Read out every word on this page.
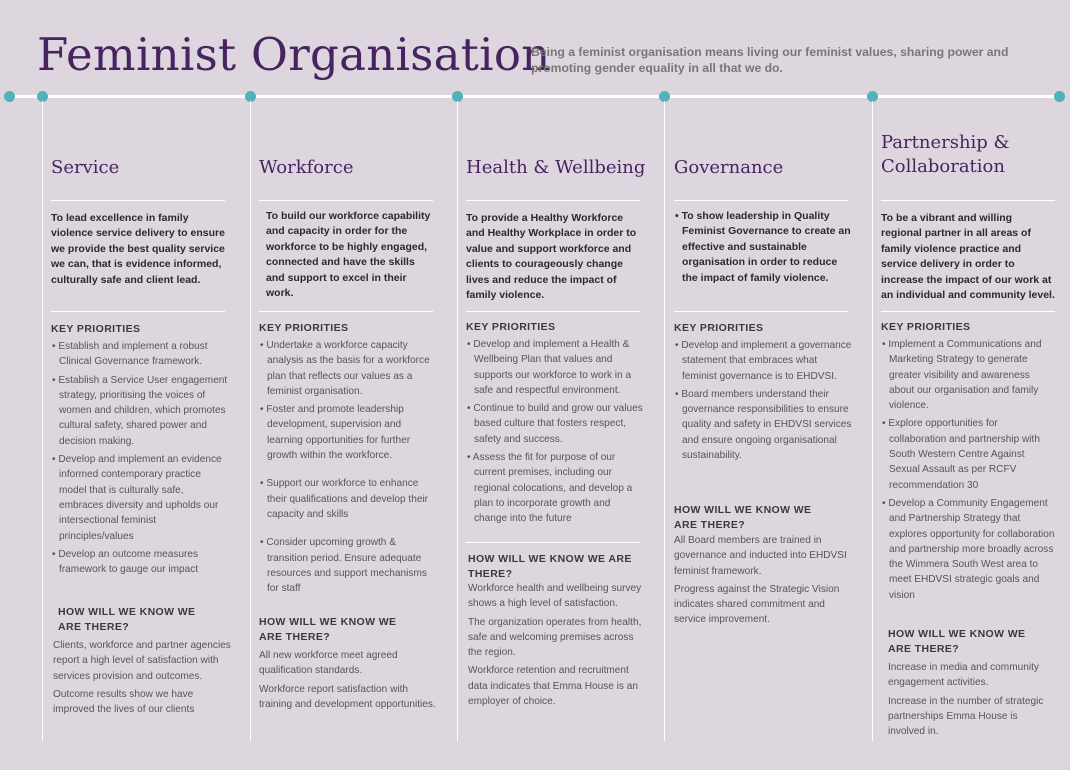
Feminist Organisation
Being a feminist organisation means living our feminist values, sharing power and promoting gender equality in all that we do.
Service
To lead excellence in family violence service delivery to ensure we provide the best quality service we can, that is evidence informed, culturally safe and client lead.
KEY PRIORITIES

• Establish and implement a robust Clinical Governance framework.

• Establish a Service User engagement strategy, prioritising the voices of women and children, which promotes cultural safety, shared power and decision making.

• Develop and implement an evidence informed contemporary practice model that is culturally safe, embraces diversity and upholds our intersectional feminist principles/values

• Develop an outcome measures framework to gauge our impact

HOW WILL WE KNOW WE ARE THERE?

Clients, workforce and partner agencies report a high level of satisfaction with services provision and outcomes.

Outcome results show we have improved the lives of our clients

Workforce
To build our workforce capability and capacity in order for the workforce to be highly engaged, connected and have the skills and support to excel in their work.
KEY PRIORITIES

• Undertake a workforce capacity analysis as the basis for a workforce plan that reflects our values as a feminist organisation.

• Foster and promote leadership development, supervision and learning opportunities for further growth within the workforce.

• Support our workforce to enhance their qualifications and develop their capacity and skills

• Consider upcoming growth & transition period. Ensure adequate resources and support mechanisms for staff

HOW WILL WE KNOW WE ARE THERE?

All new workforce meet agreed qualification standards.

Workforce report satisfaction with training and development opportunities.

Health & Wellbeing
To provide a Healthy Workforce and Healthy Workplace in order to value and support workforce and clients to courageously change lives and reduce the impact of family violence.
KEY PRIORITIES

• Develop and implement a Health & Wellbeing Plan that values and supports our workforce to work in a safe and respectful environment.

• Continue to build and grow our values based culture that fosters respect, safety and success.

• Assess the fit for purpose of our current premises, including our regional colocations, and develop a plan to incorporate growth and change into the future

HOW WILL WE KNOW WE ARE THERE?

Workforce health and wellbeing survey shows a high level of satisfaction.

The organization operates from health, safe and welcoming premises across the region.

Workforce retention and recruitment data indicates that Emma House is an employer of choice.

Governance
• To show leadership in Quality Feminist Governance to create an effective and sustainable organisation in order to reduce the impact of family violence.
KEY PRIORITIES

• Develop and implement a governance statement that embraces what feminist governance is to EHDVSI.

• Board members understand their governance responsibilities to ensure quality and safety in EHDVSI services and ensure ongoing organisational sustainability.

HOW WILL WE KNOW WE ARE THERE?

All Board members are trained in governance and inducted into EHDVSI feminist framework.

Progress against the Strategic Vision indicates shared commitment and service improvement.

Partnership &
Collaboration
To be a vibrant and willing regional partner in all areas of family violence practice and service delivery in order to increase the impact of our work at an individual and community level.
KEY PRIORITIES

• Implement a Communications and Marketing Strategy to generate greater visibility and awareness about our organisation and family violence.

• Explore opportunities for collaboration and partnership with South Western Centre Against Sexual Assault as per RCFV recommendation 30

• Develop a Community Engagement and Partnership Strategy that explores opportunity for collaboration and partnership more broadly across the Wimmera South West area to meet EHDVSI strategic goals and vision

HOW WILL WE KNOW WE ARE THERE?

Increase in media and community engagement activities.

Increase in the number of strategic partnerships Emma House is involved in.
